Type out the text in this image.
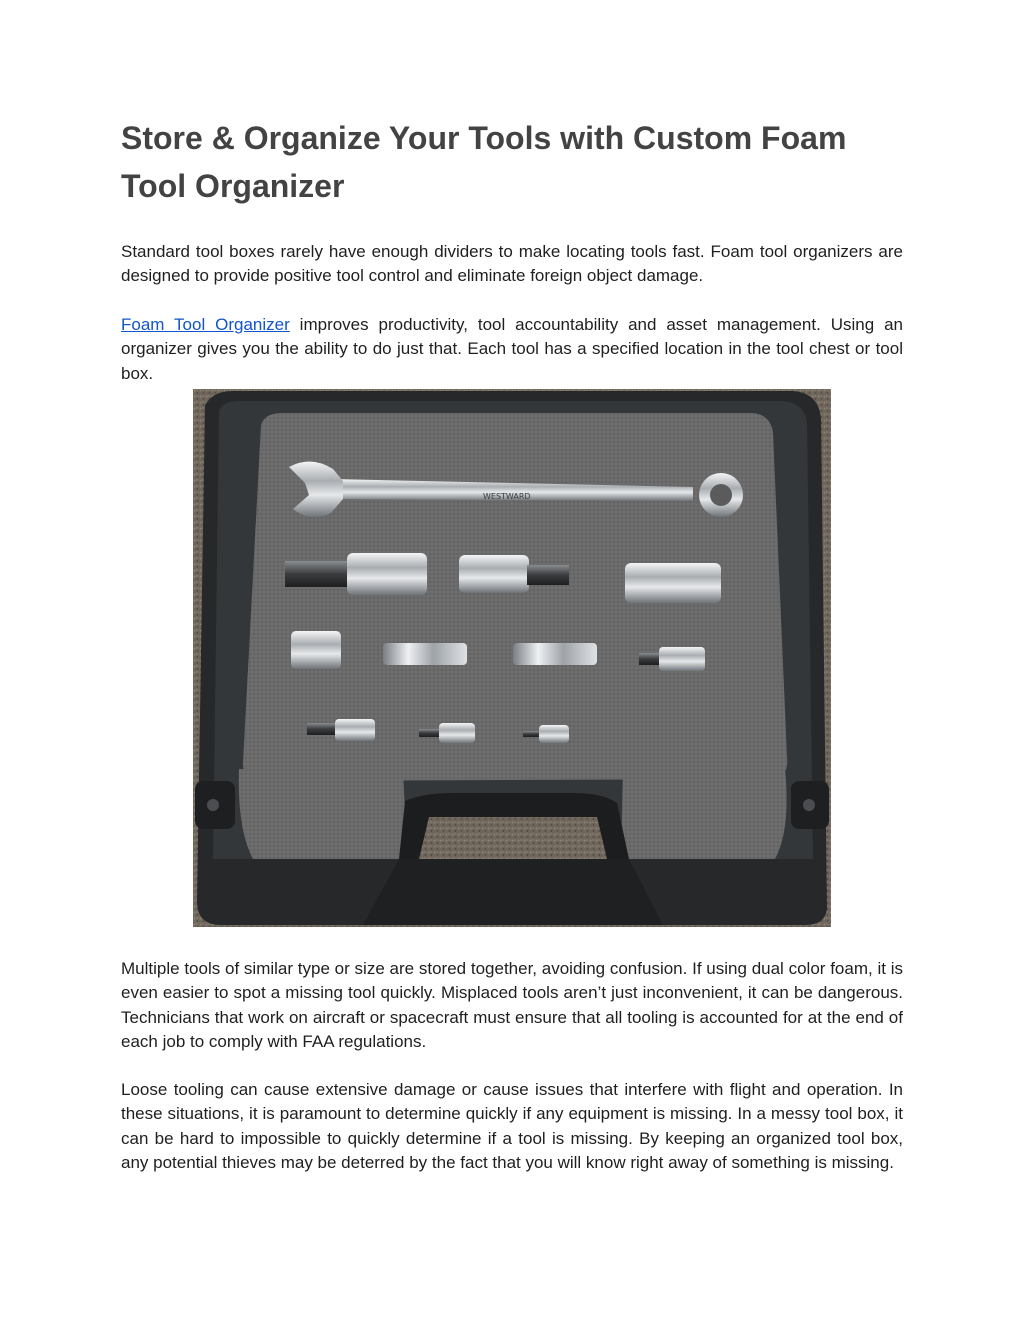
Store & Organize Your Tools with Custom Foam Tool Organizer

Standard tool boxes rarely have enough dividers to make locating tools fast. Foam tool organizers are designed to provide positive tool control and eliminate foreign object damage.

Foam Tool Organizer improves productivity, tool accountability and asset management. Using an organizer gives you the ability to do just that. Each tool has a specified location in the tool chest or tool box.

Multiple tools of similar type or size are stored together, avoiding confusion. If using dual color foam, it is even easier to spot a missing tool quickly. Misplaced tools aren’t just inconvenient, it can be dangerous. Technicians that work on aircraft or spacecraft must ensure that all tooling is accounted for at the end of each job to comply with FAA regulations.

Loose tooling can cause extensive damage or cause issues that interfere with flight and operation. In these situations, it is paramount to determine quickly if any equipment is missing. In a messy tool box, it can be hard to impossible to quickly determine if a tool is missing. By keeping an organized tool box, any potential thieves may be deterred by the fact that you will know right away of something is missing.

WESTWARD
